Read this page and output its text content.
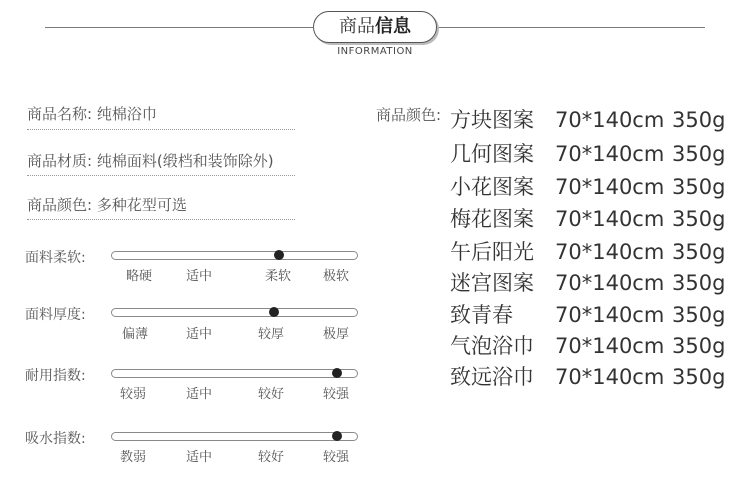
商品信息
INFORMATION
商品名称: 纯棉浴巾
商品材质: 纯棉面料(缎档和装饰除外)
商品颜色: 多种花型可选
商品颜色: 方块图案 70*140cm 350g
几何图案 70*140cm 350g
小花图案 70*140cm 350g
梅花图案 70*140cm 350g
午后阳光 70*140cm 350g
迷宫图案 70*140cm 350g
致青春 70*140cm 350g
气泡浴巾 70*140cm 350g
致远浴巾 70*140cm 350g
面料柔软:
略硬	适中	柔软 极软
面料厚度:
偏薄	适中	较厚	极厚
耐用指数:
较弱	适中	较好	较强
吸水指数:
教弱	适中	较好	较强
